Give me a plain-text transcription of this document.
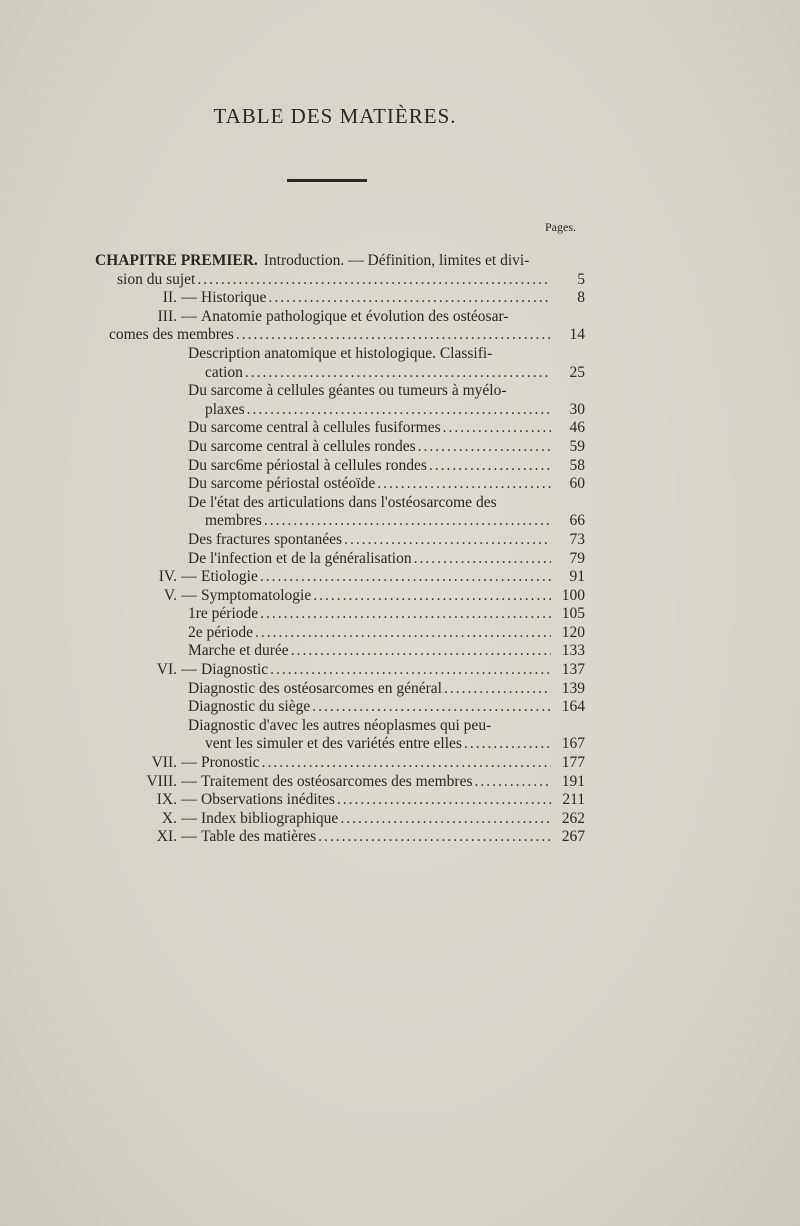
TABLE DES MATIÈRES.
Pages.
CHAPITRE PREMIER. Introduction. — Définition, limites et divi-
sion du sujet .....	5
II. — Historique .....	8
III. — Anatomie pathologique et évolution des ostéosar-
comes des membres .....	14
Description anatomique et histologique. Classifi-
cation .....	25
Du sarcome à cellules géantes ou tumeurs à myélo-
plaxes .....	30
Du sarcome central à cellules fusiformes .....	46
Du sarcome central à cellules rondes .....	59
Du sarc6me périostal à cellules rondes .....	58
Du sarcome périostal ostéoïde .....	60
De l'état des articulations dans l'ostéosarcome des
membres .....	66
Des fractures spontanées .....	73
De l'infection et de la généralisation .....	79
IV. — Etiologie .....	91
V. — Symptomatologie .....	100
1re période .....	105
2e période .....	120
Marche et durée .....	133
VI. — Diagnostic .....	137
Diagnostic des ostéosarcomes en général .....	139
Diagnostic du siège .....	164
Diagnostic d'avec les autres néoplasmes qui peu-
vent les simuler et des variétés entre elles .....	167
VII. — Pronostic .....	177
VIII. — Traitement des ostéosarcomes des membres .....	191
IX. — Observations inédites .....	211
X. — Index bibliographique .....	262
XI. — Table des matières .....	267
